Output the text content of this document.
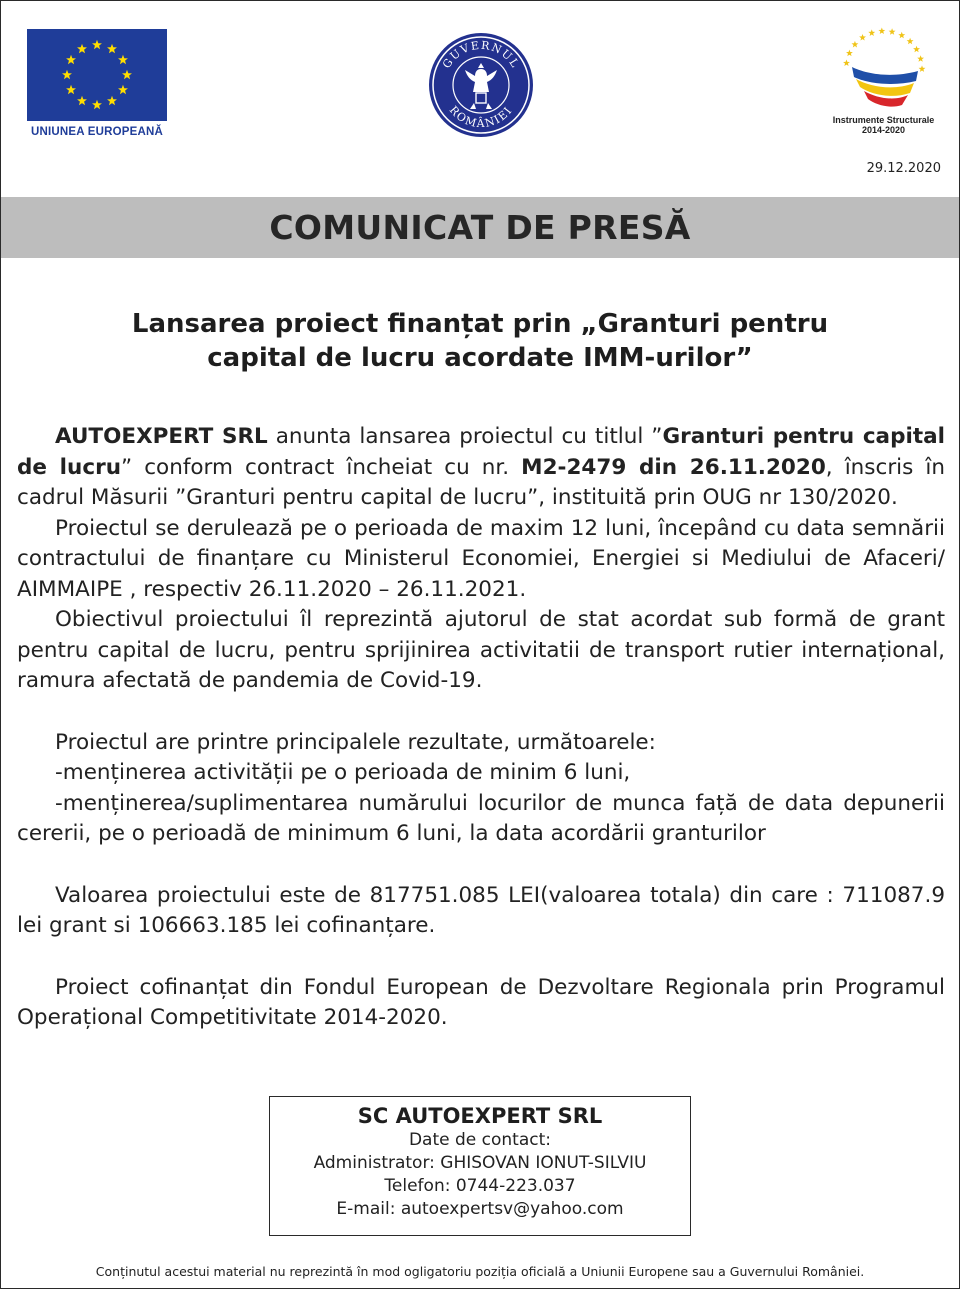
UNIUNEA EUROPEANĂ
GUVERNUL
ROMÂNIEI
Instrumente Structurale
2014-2020
29.12.2020
COMUNICAT DE PRESĂ
Lansarea proiect finanțat prin „Granturi pentru
capital de lucru acordate IMM-urilor”

AUTOEXPERT SRL anunta lansarea proiectul cu titlul ”Granturi pentru capital de lucru” conform contract încheiat cu nr. M2-2479 din 26.11.2020, înscris în cadrul Măsurii ”Granturi pentru capital de lucru”, instituită prin OUG nr 130/2020.

Proiectul se derulează pe o perioada de maxim 12 luni, începând cu data semnării contractului de finanțare cu Ministerul Economiei, Energiei si Mediului de Afaceri/ AIMMAIPE , respectiv 26.11.2020 – 26.11.2021.

Obiectivul proiectului îl reprezintă ajutorul de stat acordat sub formă de grant pentru capital de lucru, pentru sprijinirea activitatii de transport rutier internațional, ramura afectată de pandemia de Covid-19.

Proiectul are printre principalele rezultate, următoarele:

-menținerea activității pe o perioada de minim 6 luni,

-menținerea/suplimentarea numărului locurilor de munca față de data depunerii cererii, pe o perioadă de minimum 6 luni, la data acordării granturilor

Valoarea proiectului este de 817751.085 LEI(valoarea totala) din care : 711087.9 lei grant si 106663.185 lei cofinanțare.

Proiect cofinanțat din Fondul European de Dezvoltare Regionala prin Programul Operațional Competitivitate 2014-2020.

SC AUTOEXPERT SRL
Date de contact:
Administrator: GHISOVAN IONUT-SILVIU
Telefon: 0744-223.037
E-mail: autoexpertsv@yahoo.com
Conținutul acestui material nu reprezintă în mod ogligatoriu poziția oficială a Uniunii Europene sau a Guvernului României.
